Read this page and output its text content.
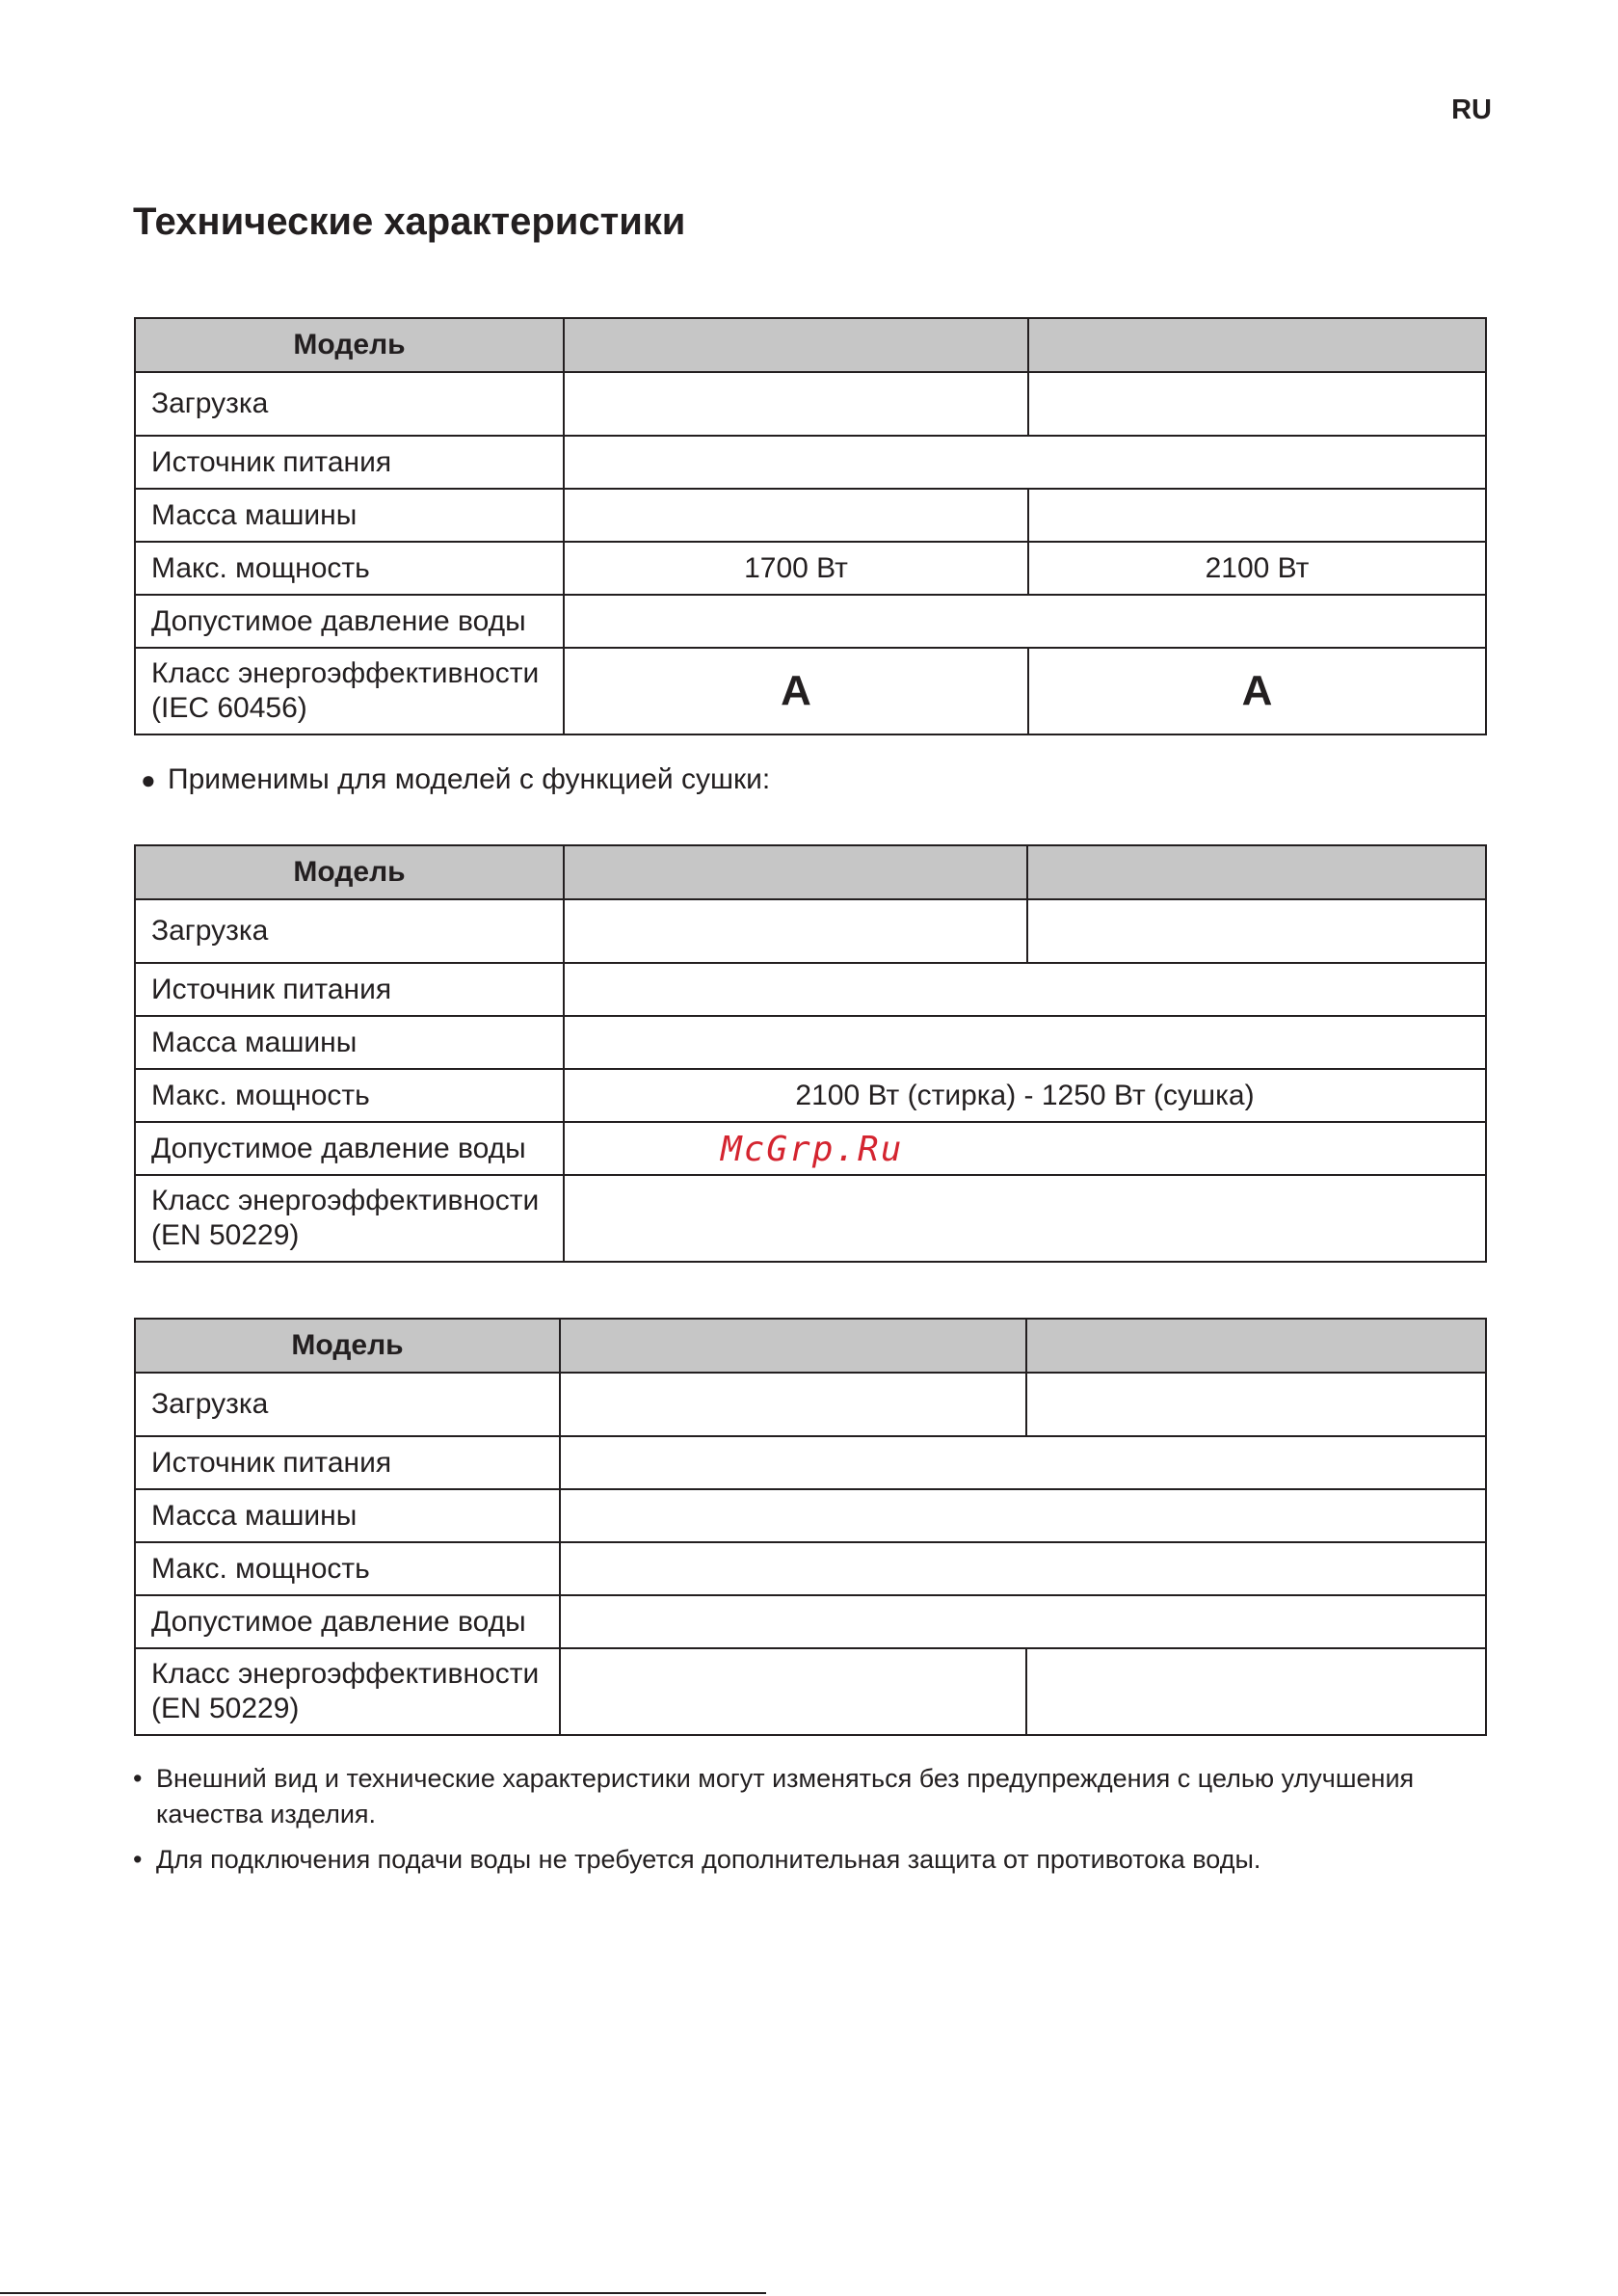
RU
Технические характеристики
Модель		
Загрузка		
Источник питания		
Масса машины		
Макс. мощность	1700 Вт	2100 Вт
Допустимое давление воды		
Класс энергоэффективности
(IEC 60456)	A	A

● Применимы для моделей с функцией сушки:

Модель		
Загрузка		
Источник питания		
Масса машины		
Макс. мощность	2100 Вт (стирка) - 1250 Вт (сушка)	
Допустимое давление воды		
Класс энергоэффективности
(EN 50229)		
McGrp.Ru
Модель		
Загрузка		
Источник питания		
Масса машины		
Макс. мощность		
Допустимое давление воды		
Класс энергоэффективности
(EN 50229)		

• Внешний вид и технические характеристики могут изменяться без предупреждения с целью улучшения
качества изделия.

• Для подключения подачи воды не требуется дополнительная защита от противотока воды.
